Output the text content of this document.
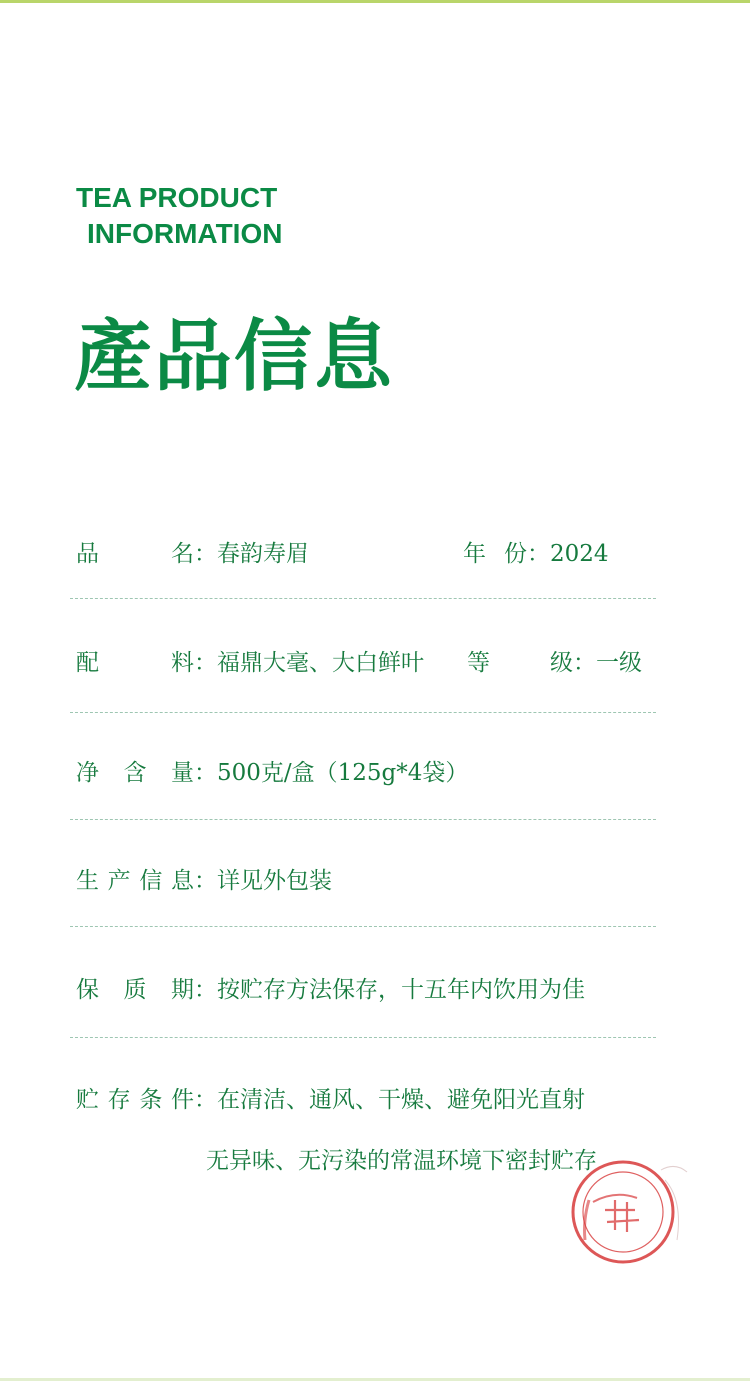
TEA PRODUCT
INFORMATION
產品信息
品名：春韵寿眉	年份：2024
配料：福鼎大毫、大白鲜叶 等级：一级
净含量：500克/盒（125g*4袋）
生产信息：详见外包装
保质期：按贮存方法保存，十五年内饮用为佳
贮存条件：在清洁、通风、干燥、避免阳光直射
无异味、无污染的常温环境下密封贮存
